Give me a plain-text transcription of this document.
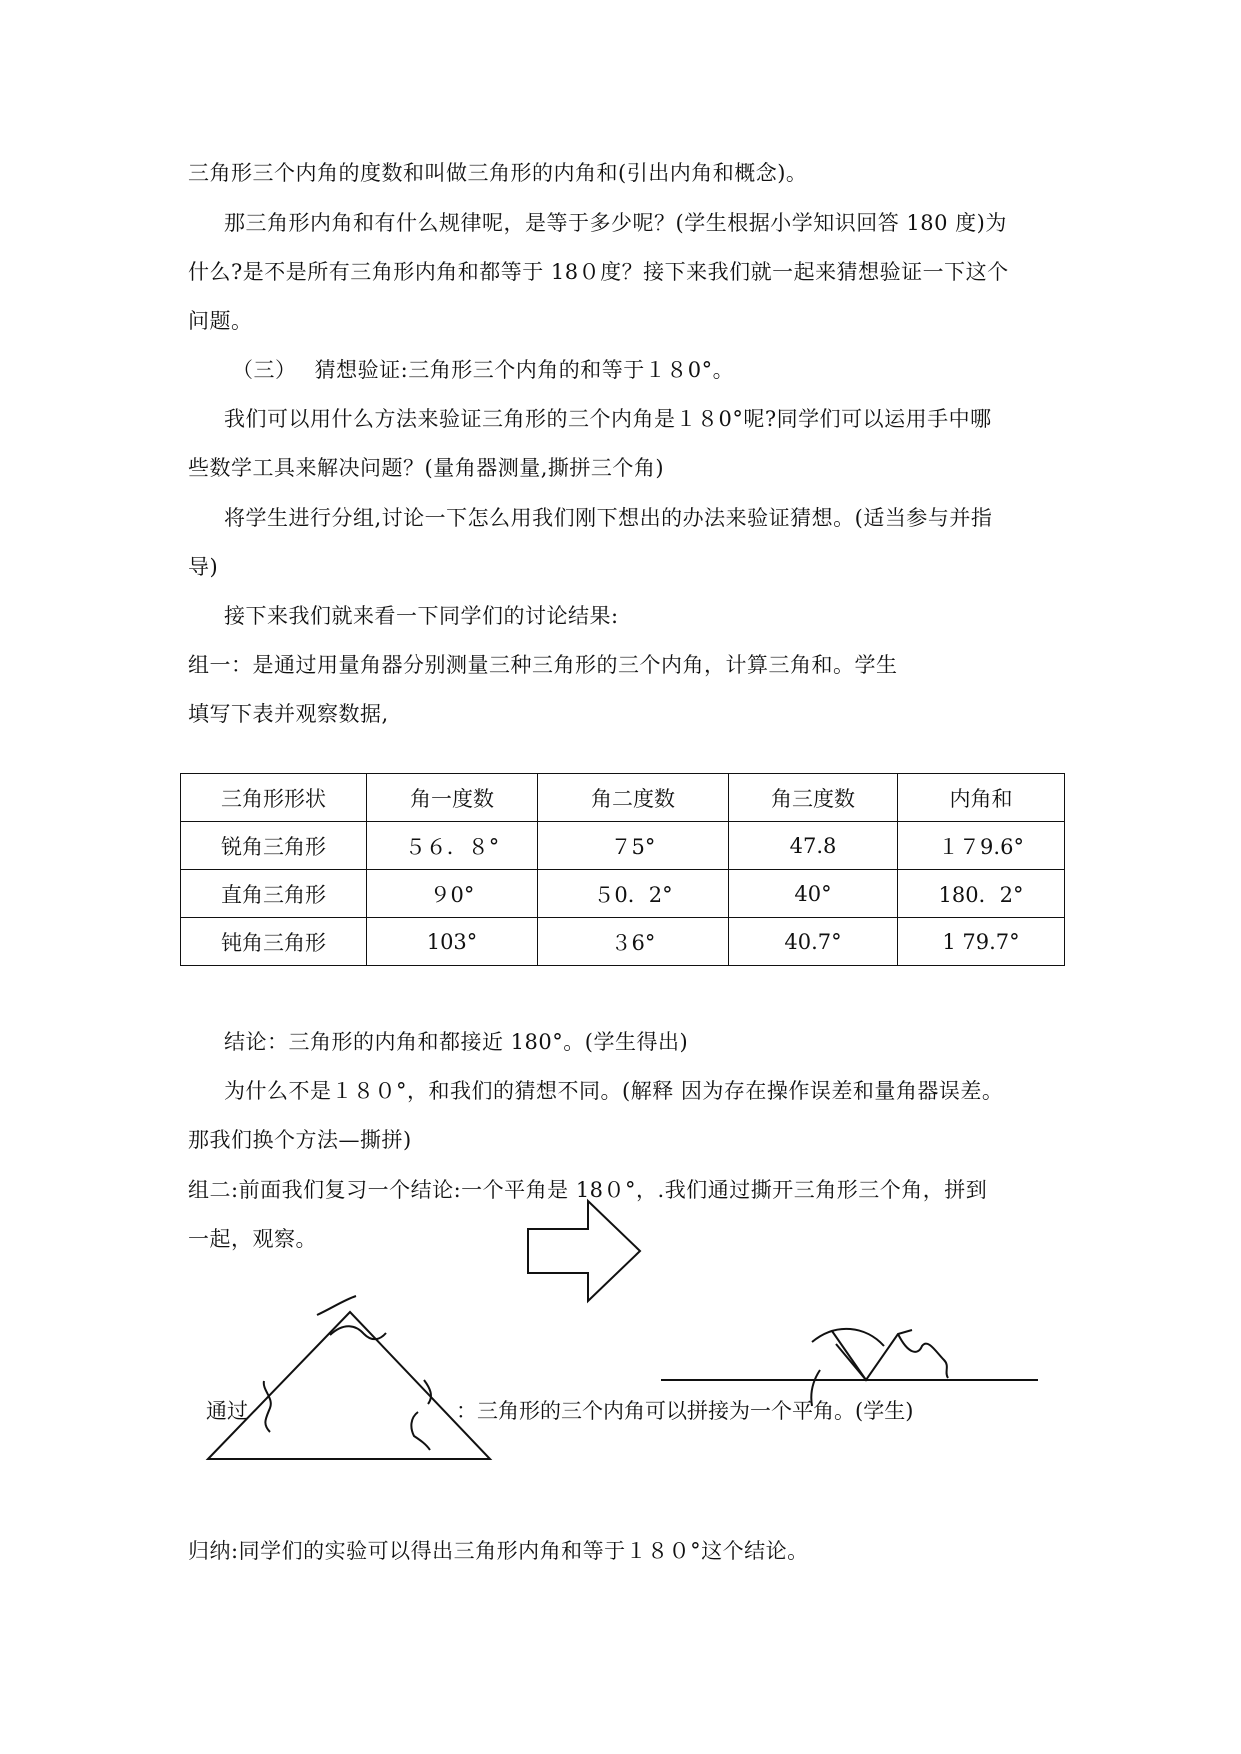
三角形三个内角的度数和叫做三角形的内角和(引出内角和概念)。
那三角形内角和有什么规律呢，是等于多少呢？(学生根据小学知识回答 180 度)为
什么?是不是所有三角形内角和都等于 18０度？接下来我们就一起来猜想验证一下这个
问题。
（三）　 猜想验证:三角形三个内角的和等于１８0°。
我们可以用什么方法来验证三角形的三个内角是１８0°呢?同学们可以运用手中哪
些数学工具来解决问题？(量角器测量,撕拼三个角)
将学生进行分组,讨论一下怎么用我们刚下想出的办法来验证猜想。(适当参与并指
导)
接下来我们就来看一下同学们的讨论结果:
组一：是通过用量角器分别测量三种三角形的三个内角，计算三角和。学生
填写下表并观察数据,
三角形形状	角一度数	角二度数	角三度数	内角和
锐角三角形	５６．８°	７5°	47.8	１７9.6°
直角三角形	９0°	５0．2°	40°	180．2°
钝角三角形	103°	３6°	40.7°	1 79.7°
结论：三角形的内角和都接近 180°。(学生得出)
为什么不是１８０°，和我们的猜想不同。(解释 因为存在操作误差和量角器误差。
那我们换个方法—撕拼)
组二:前面我们复习一个结论:一个平角是 18０°，.我们通过撕开三角形三个角，拼到
一起，观察。
通过	：三角形的三个内角可以拼接为一个平角。(学生)
归纳:同学们的实验可以得出三角形内角和等于１８０°这个结论。
